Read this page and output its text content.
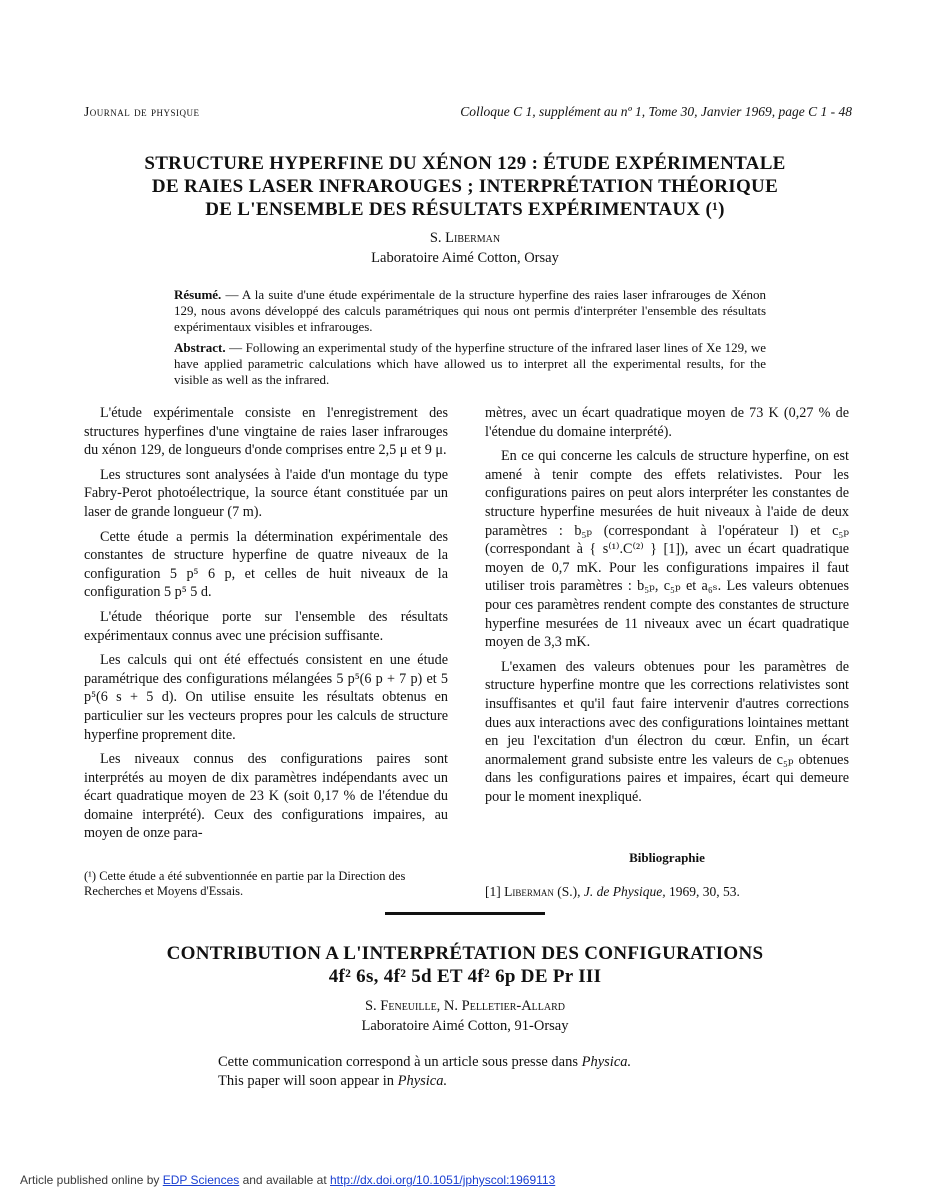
Journal de physique	Colloque C 1, supplément au nº 1, Tome 30, Janvier 1969, page C 1 - 48
STRUCTURE HYPERFINE DU XÉNON 129 : ÉTUDE EXPÉRIMENTALE
DE RAIES LASER INFRAROUGES ; INTERPRÉTATION THÉORIQUE
DE L'ENSEMBLE DES RÉSULTATS EXPÉRIMENTAUX (¹)
S. Liberman
Laboratoire Aimé Cotton, Orsay
Résumé. — A la suite d'une étude expérimentale de la structure hyperfine des raies laser infrarouges de Xénon 129, nous avons développé des calculs paramétriques qui nous ont permis d'interpréter l'ensemble des résultats expérimentaux visibles et infrarouges.
Abstract. — Following an experimental study of the hyperfine structure of the infrared laser lines of Xe 129, we have applied parametric calculations which have allowed us to interpret all the experimental results, for the visible as well as the infrared.

L'étude expérimentale consiste en l'enregistrement des structures hyperfines d'une vingtaine de raies laser infrarouges du xénon 129, de longueurs d'onde comprises entre 2,5 μ et 9 μ.

Les structures sont analysées à l'aide d'un montage du type Fabry-Perot photoélectrique, la source étant constituée par un laser de grande longueur (7 m).

Cette étude a permis la détermination expérimentale des constantes de structure hyperfine de quatre niveaux de la configuration 5 p⁵ 6 p, et celles de huit niveaux de la configuration 5 p⁵ 5 d.

L'étude théorique porte sur l'ensemble des résultats expérimentaux connus avec une précision suffisante.

Les calculs qui ont été effectués consistent en une étude paramétrique des configurations mélangées 5 p⁵(6 p + 7 p) et 5 p⁵(6 s + 5 d). On utilise ensuite les résultats obtenus en particulier sur les vecteurs propres pour les calculs de structure hyperfine proprement dite.

Les niveaux connus des configurations paires sont interprétés au moyen de dix paramètres indépendants avec un écart quadratique moyen de 23 K (soit 0,17 % de l'étendue du domaine interprété). Ceux des configurations impaires, au moyen de onze para-

mètres, avec un écart quadratique moyen de 73 K (0,27 % de l'étendue du domaine interprété).

En ce qui concerne les calculs de structure hyperfine, on est amené à tenir compte des effets relativistes. Pour les configurations paires on peut alors interpréter les constantes de structure hyperfine mesurées de huit niveaux à l'aide de deux paramètres : b₅ₚ (correspondant à l'opérateur l) et c₅ₚ (correspondant à { s⁽¹⁾.C⁽²⁾ } [1]), avec un écart quadratique moyen de 0,7 mK. Pour les configurations impaires il faut utiliser trois paramètres : b₅ₚ, c₅ₚ et a₆ₛ. Les valeurs obtenues pour ces paramètres rendent compte des constantes de structure hyperfine mesurées de 11 niveaux avec un écart quadratique moyen de 3,3 mK.

L'examen des valeurs obtenues pour les paramètres de structure hyperfine montre que les corrections relativistes sont insuffisantes et qu'il faut faire intervenir d'autres corrections dues aux interactions avec des configurations lointaines mettant en jeu l'excitation d'un électron du cœur. Enfin, un écart anormalement grand subsiste entre les valeurs de c₅ₚ obtenues dans les configurations paires et impaires, écart qui demeure pour le moment inexpliqué.

Bibliographie
[1] Liberman (S.), J. de Physique, 1969, 30, 53.
(¹) Cette étude a été subventionnée en partie par la Direction des Recherches et Moyens d'Essais.
CONTRIBUTION A L'INTERPRÉTATION DES CONFIGURATIONS
4f² 6s, 4f² 5d ET 4f² 6p DE Pr III
S. Feneuille, N. Pelletier-Allard
Laboratoire Aimé Cotton, 91-Orsay
Cette communication correspond à un article sous presse dans Physica.
This paper will soon appear in Physica.
Article published online by EDP Sciences and available at http://dx.doi.org/10.1051/jphyscol:1969113
